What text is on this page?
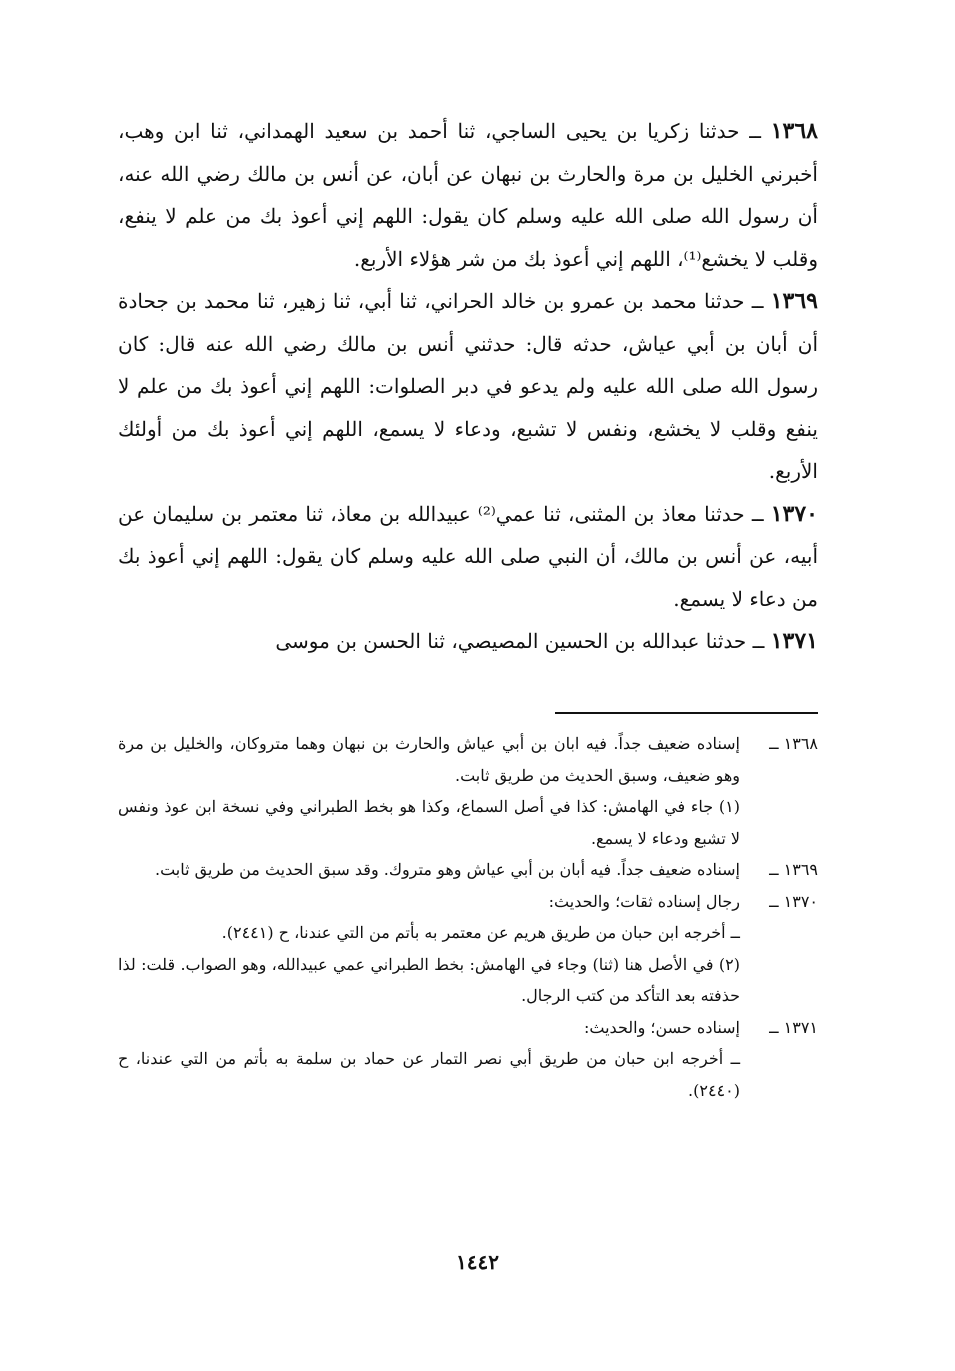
١٣٦٨ ــ حدثنا زكريا بن يحيى الساجي، ثنا أحمد بن سعيد الهمداني، ثنا ابن وهب، أخبرني الخليل بن مرة والحارث بن نبهان عن أبان، عن أنس بن مالك رضي الله عنه، أن رسول الله صلى الله عليه وسلم كان يقول: اللهم إني أعوذ بك من علم لا ينفع، وقلب لا يخشع⁽¹⁾، اللهم إني أعوذ بك من شر هؤلاء الأربع.

١٣٦٩ ــ حدثنا محمد بن عمرو بن خالد الحراني، ثنا أبي، ثنا زهير، ثنا محمد بن جحادة أن أبان بن أبي عياش، حدثه قال: حدثني أنس بن مالك رضي الله عنه قال: كان رسول الله صلى الله عليه ولم يدعو في دبر الصلوات: اللهم إني أعوذ بك من علم لا ينفع وقلب لا يخشع، ونفس لا تشبع، ودعاء لا يسمع، اللهم إني أعوذ بك من أولئك الأربع.

١٣٧٠ ــ حدثنا معاذ بن المثنى، ثنا عمي⁽²⁾ عبيدالله بن معاذ، ثنا معتمر بن سليمان عن أبيه، عن أنس بن مالك، أن النبي صلى الله عليه وسلم كان يقول: اللهم إني أعوذ بك من دعاء لا يسمع.

١٣٧١ ــ حدثنا عبدالله بن الحسين المصيصي، ثنا الحسن بن موسى

١٣٦٨ ــ
إسناده ضعيف جداً. فيه ابان بن أبي عياش والحارث بن نبهان وهما متروكان، والخليل بن مرة وهو ضعيف، وسبق الحديث من طريق ثابت.
(١) جاء في الهامش: كذا في أصل السماع، وكذا هو بخط الطبراني وفي نسخة ابن عوذ ونفس لا تشبع ودعاء لا يسمع.
١٣٦٩ ــ
إسناده ضعيف جداً. فيه أبان بن أبي عياش وهو متروك. وقد سبق الحديث من طريق ثابت.
١٣٧٠ ــ
رجال إسناده ثقات؛ والحديث:
ــ أخرجه ابن حبان من طريق هريم عن معتمر به بأتم من التي عندنا، ح (٢٤٤١).
(٢) في الأصل هنا (ثنا) وجاء في الهامش: بخط الطبراني عمي عبيدالله، وهو الصواب. قلت: لذا حذفته بعد التأكد من كتب الرجال.
١٣٧١ ــ
إسناده حسن؛ والحديث:
ــ أخرجه ابن حبان من طريق أبي نصر التمار عن حماد بن سلمة به بأتم من التي عندنا، ح (٢٤٤٠).
١٤٤٢
